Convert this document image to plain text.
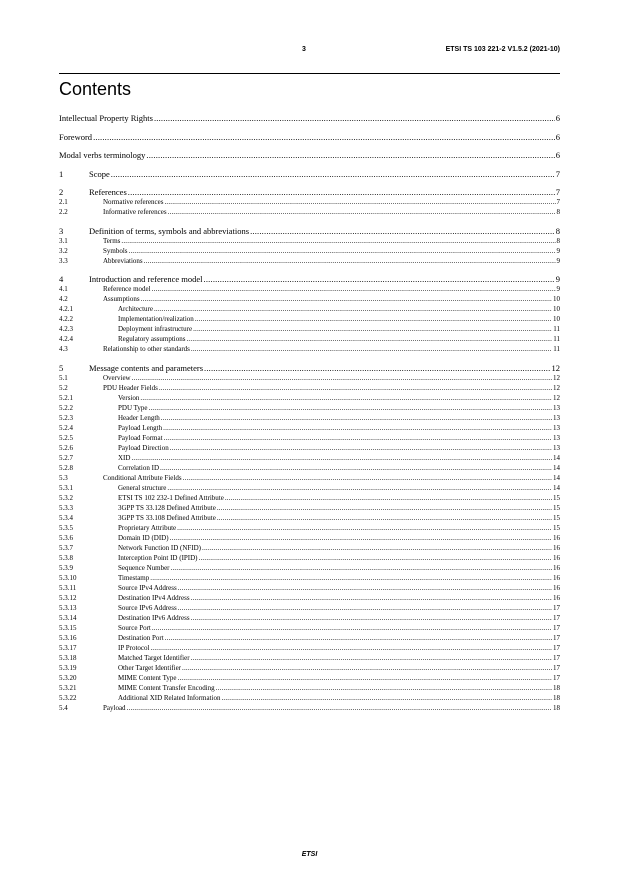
3	ETSI TS 103 221-2 V1.5.2 (2021-10)
Contents
Intellectual Property Rights .....	6
Foreword .....	6
Modal verbs terminology .....	6
1	Scope .....	7
2	References .....	7
2.1	Normative references .....	7
2.2	Informative references .....	8
3	Definition of terms, symbols and abbreviations .....	8
3.1	Terms .....	8
3.2	Symbols .....	9
3.3	Abbreviations .....	9
4	Introduction and reference model .....	9
4.1	Reference model .....	9
4.2	Assumptions .....	10
4.2.1	Architecture .....	10
4.2.2	Implementation/realization .....	10
4.2.3	Deployment infrastructure .....	11
4.2.4	Regulatory assumptions .....	11
4.3	Relationship to other standards .....	11
5	Message contents and parameters .....	12
5.1	Overview .....	12
5.2	PDU Header Fields .....	12
5.2.1	Version .....	12
5.2.2	PDU Type .....	13
5.2.3	Header Length .....	13
5.2.4	Payload Length .....	13
5.2.5	Payload Format .....	13
5.2.6	Payload Direction .....	13
5.2.7	XID .....	14
5.2.8	Correlation ID .....	14
5.3	Conditional Attribute Fields .....	14
5.3.1	General structure .....	14
5.3.2	ETSI TS 102 232-1 Defined Attribute .....	15
5.3.3	3GPP TS 33.128 Defined Attribute .....	15
5.3.4	3GPP TS 33.108 Defined Attribute .....	15
5.3.5	Proprietary Attribute .....	15
5.3.6	Domain ID (DID) .....	16
5.3.7	Network Function ID (NFID) .....	16
5.3.8	Interception Point ID (IPID) .....	16
5.3.9	Sequence Number .....	16
5.3.10	Timestamp .....	16
5.3.11	Source IPv4 Address .....	16
5.3.12	Destination IPv4 Address .....	16
5.3.13	Source IPv6 Address .....	17
5.3.14	Destination IPv6 Address .....	17
5.3.15	Source Port .....	17
5.3.16	Destination Port .....	17
5.3.17	IP Protocol .....	17
5.3.18	Matched Target Identifier .....	17
5.3.19	Other Target Identifier .....	17
5.3.20	MIME Content Type .....	17
5.3.21	MIME Content Transfer Encoding .....	18
5.3.22	Additional XID Related Information .....	18
5.4	Payload .....	18
ETSI
